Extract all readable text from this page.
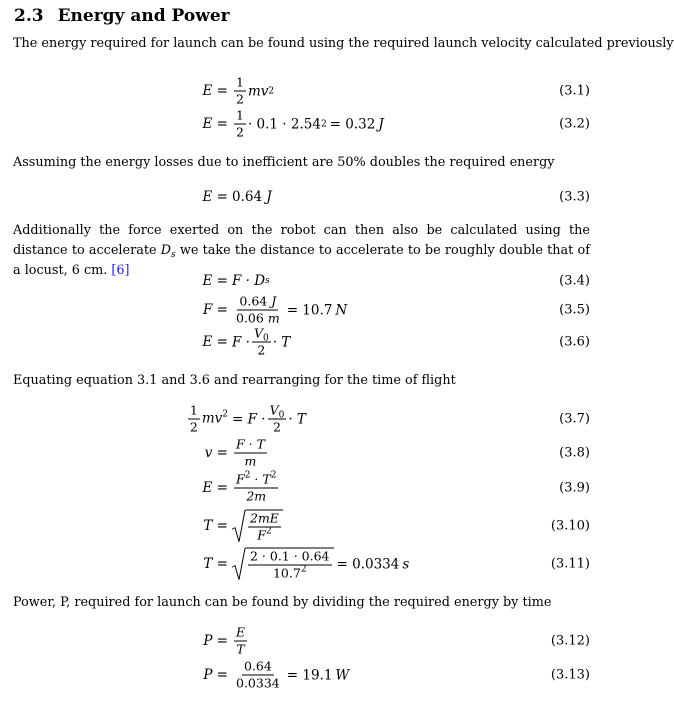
2.3 Energy and Power
The energy required for launch can be found using the required launch velocity calculated previously
$E = \frac{1}{2}$ mv 2	(3.1)
$E = \frac{1}{2} \cdot 0.1 \cdot 2.54$ 2 = 0.32 J	(3.2)
Assuming the energy losses due to inefficient are 50% doubles the required energy
E = 0.64
J	(3.3)
Additionally the force exerted on the robot can then also be calculated using the distance to accelerate $D_s$ we take the distance to accelerate to be roughly double that of a locust, 6 cm. [6]
E = F · D s	(3.4)
$F = \frac{0.64 J}{0.06 m} = 10.7$ N	(3.5)
$E = F \cdot \frac{V_0}{2} \cdot T$	(3.6)
Equating equation 3.1 and 3.6 and rearranging for the time of flight
$\frac{1}{2} mv^2 = F \cdot \frac{V_0}{2} \cdot T$	(3.7)
$v = \frac{F \cdot T}{m}$	(3.8)
$E = \frac{F^2 \cdot T^2}{2m}$	(3.9)
$T = \frac{2mE}{F^2}$	(3.10)
$T = \frac{2 \cdot 0.1 \cdot 0.64}{10.7^2} = 0.0334$ s	(3.11)
Power, P, required for launch can be found by dividing the required energy by time
$P = \frac{E}{T}$	(3.12)
$P = \frac{0.64}{0.0334} = 19.1$ W	(3.13)
